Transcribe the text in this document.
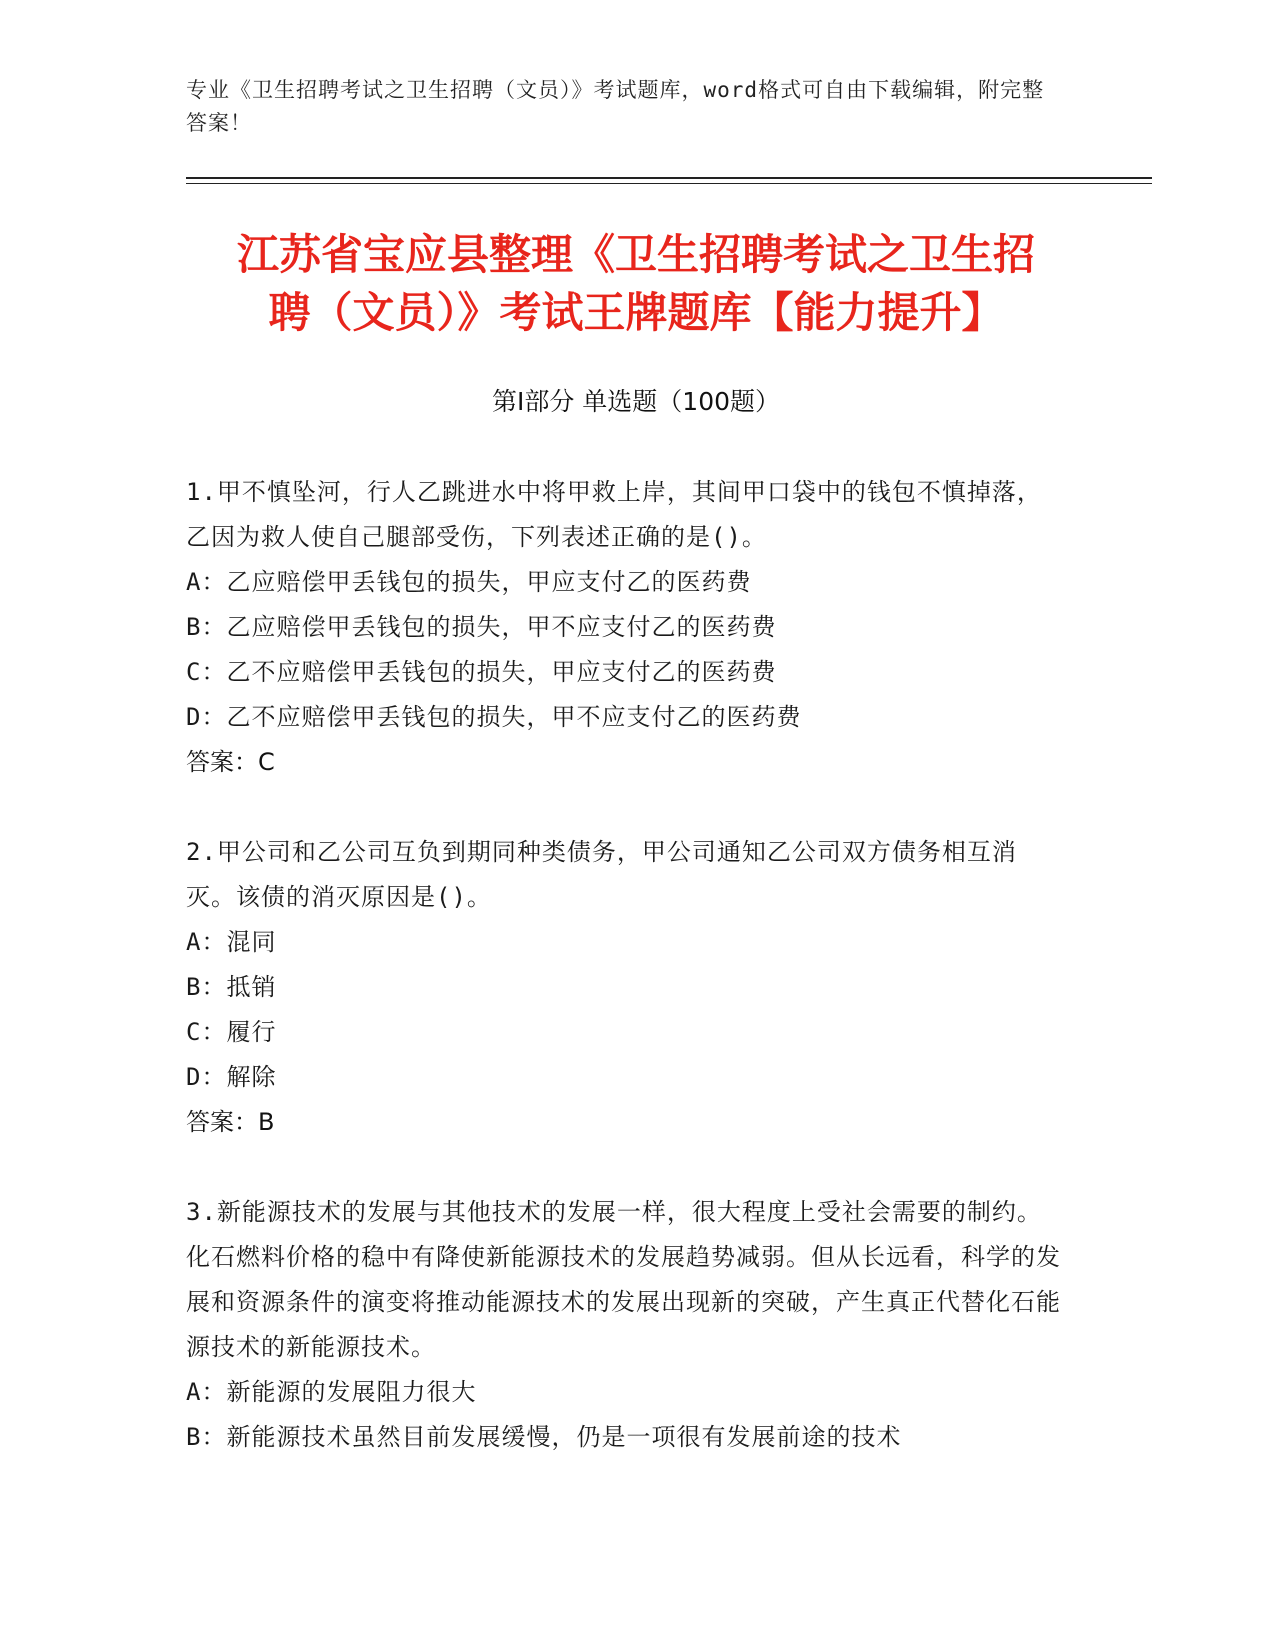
专业《卫生招聘考试之卫生招聘（文员）》考试题库，word格式可自由下载编辑，附完整答案！
江苏省宝应县整理《卫生招聘考试之卫生招
聘（文员）》考试王牌题库【能力提升】
第Ⅰ部分 单选题（100题）
1.甲不慎坠河，行人乙跳进水中将甲救上岸，其间甲口袋中的钱包不慎掉落，乙因为救人使自己腿部受伤，下列表述正确的是()。
A：乙应赔偿甲丢钱包的损失，甲应支付乙的医药费
B：乙应赔偿甲丢钱包的损失，甲不应支付乙的医药费
C：乙不应赔偿甲丢钱包的损失，甲应支付乙的医药费
D：乙不应赔偿甲丢钱包的损失，甲不应支付乙的医药费
答案：C
2.甲公司和乙公司互负到期同种类债务，甲公司通知乙公司双方债务相互消灭。该债的消灭原因是()。
A：混同
B：抵销
C：履行
D：解除
答案：B
3.新能源技术的发展与其他技术的发展一样，很大程度上受社会需要的制约。化石燃料价格的稳中有降使新能源技术的发展趋势减弱。但从长远看，科学的发展和资源条件的演变将推动能源技术的发展出现新的突破，产生真正代替化石能源技术的新能源技术。
A：新能源的发展阻力很大
B：新能源技术虽然目前发展缓慢，仍是一项很有发展前途的技术
